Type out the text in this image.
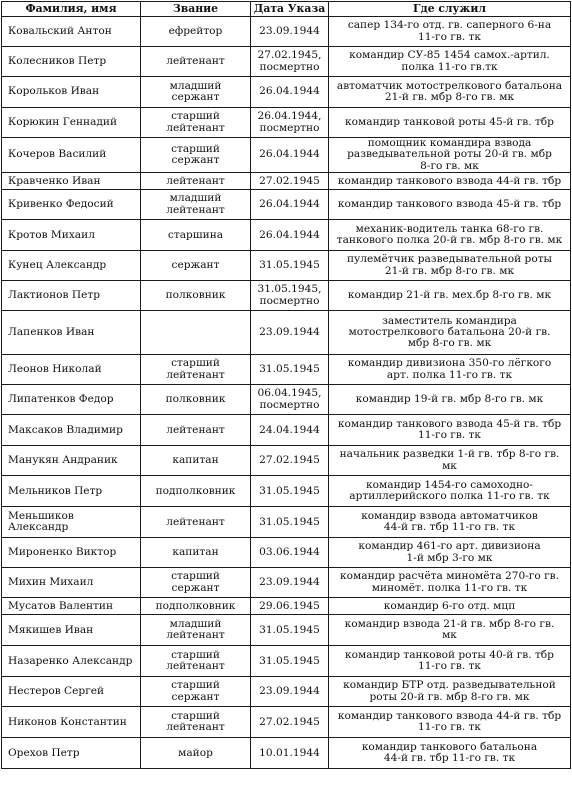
Фамилия, имя	Звание	Дата Указа	Где служил

Ковальский Антон	ефрейтор	23.09.1944	сапер 134-го отд. гв. саперного 6-на
11-го гв. тк

Колесников Петр	лейтенант	27.02.1945,
посмертно	командир СУ-85 1454 самох.-артил.
полка 11-го гв.тк

Корольков Иван	младший
сержант	26.04.1944	автоматчик мотострелкового батальона
21-й гв. мбр 8-го гв. мк

Корюкин Геннадий	старший
лейтенант	26.04.1944,
посмертно	командир танковой роты 45-й гв. тбр

Кочеров Василий	старший
сержант	26.04.1944	помощник командира взвода
разведывательной роты 20-й гв. мбр
8-го гв. мк

Кравченко Иван	лейтенант	27.02.1945	командир танкового взвода 44-й гв. тбр

Кривенко Федосий	младший
лейтенант	26.04.1944	командир танкового взвода 45-й гв. тбр

Кротов Михаил	старшина	26.04.1944	механик-водитель танка 68-го гв.
танкового полка 20-й гв. мбр 8-го гв. мк

Кунец Александр	сержант	31.05.1945	пулемётчик разведывательной роты
21-й гв. мбр 8-го гв. мк

Лактионов Петр	полковник	31.05.1945,
посмертно	командир 21-й гв. мех.бр 8-го гв. мк

Лапенков Иван		23.09.1944	заместитель командира
мотострелкового батальона 20-й гв.
мбр 8-го гв. мк

Леонов Николай	старший
лейтенант	31.05.1945	командир дивизиона 350-го лёгкого
арт. полка 11-го гв. тк

Липатенков Федор	полковник	06.04.1945,
посмертно	командир 19-й гв. мбр 8-го гв. мк

Максаков Владимир	лейтенант	24.04.1944	командир танкового взвода 45-й гв. тбр
11-го гв. тк

Манукян Андраник	капитан	27.02.1945	начальник разведки 1-й гв. тбр 8-го гв.
мк

Мельников Петр	подполковник	31.05.1945	командир 1454-го самоходно-
артиллерийского полка 11-го гв. тк

Меньшиков
Александр	лейтенант	31.05.1945	командир взвода автоматчиков
44-й гв. тбр 11-го гв. тк

Мироненко Виктор	капитан	03.06.1944	командир 461-го арт. дивизиона
1-й мбр 3-го мк

Михин Михаил	старший
сержант	23.09.1944	командир расчёта миномёта 270-го гв.
миномёт. полка 11-го гв. тк

Мусатов Валентин	подполковник	29.06.1945	командир 6-го отд. мцп

Мякишев Иван	младший
лейтенант	31.05.1945	командир взвода 21-й гв. мбр 8-го гв.
мк

Назаренко Александр	старший
лейтенант	31.05.1945	командир танковой роты 40-й гв. тбр
11-го гв. тк

Нестеров Сергей	старший
сержант	23.09.1944	командир БТР отд. разведывательной
роты 20-й гв. мбр 8-го гв. мк

Никонов Константин	старший
лейтенант	27.02.1945	командир танкового взвода 44-й гв. тбр
11-го гв. тк

Орехов Петр	майор	10.01.1944	командир танкового батальона
44-й гв. тбр 11-го гв. тк
